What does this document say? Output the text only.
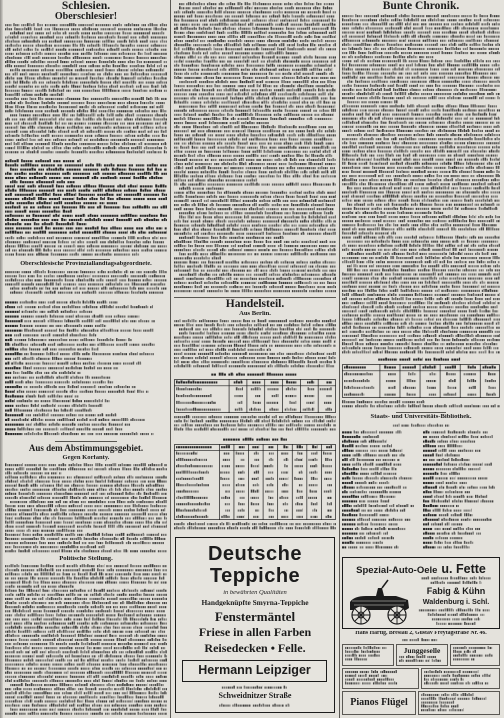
Schlesien.
Oberschlesier!
Oberschlesische Provinziallandtagsabgeordnete.
Aus dem Abstimmungsgebiet.
Gegen Korfanty.
Politische Stellung.
Handelsteil.
Aus Berlin.
Deutsche
Teppiche
in bewährten Qualitäten
Handgeknüpfte Smyrna-Teppiche
Fenstermäntel
Friese in allen Farben
Reisedecken • Felle.
Hermann Leipziger
Schweidnitzer Straße
Bunte Chronik.
Staats- und Universitäts-Bibliothek.
Spezial-Auto-Oele u. Fette
Fabig & Kühn
Waldenburg i. Schl.
Hans Hartig, Breslau 2, Gustav Freytagstraße Nr. 46.
Junggeselle
Pianos Flügel
